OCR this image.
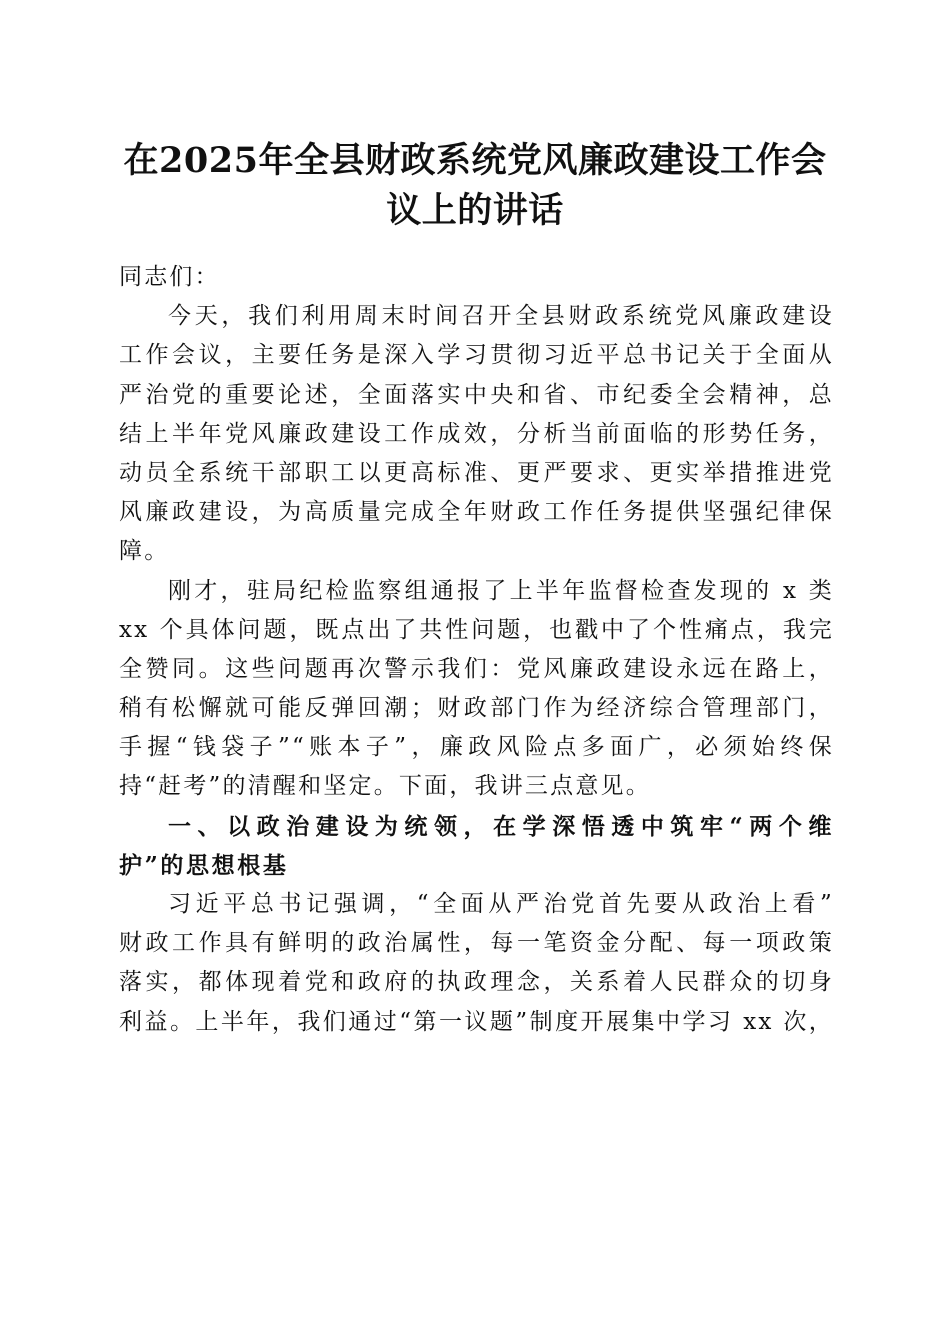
在2025年全县财政系统党风廉政建设工作会
议上的讲话
同志们：
今天，我们利用周末时间召开全县财政系统党风廉政建设
工作会议，主要任务是深入学习贯彻习近平总书记关于全面从
严治党的重要论述，全面落实中央和省、市纪委全会精神，总
结上半年党风廉政建设工作成效，分析当前面临的形势任务，
动员全系统干部职工以更高标准、更严要求、更实举措推进党
风廉政建设，为高质量完成全年财政工作任务提供坚强纪律保
障。
刚才，驻局纪检监察组通报了上半年监督检查发现的 x 类
xx 个具体问题，既点出了共性问题，也戳中了个性痛点，我完
全赞同。这些问题再次警示我们：党风廉政建设永远在路上，
稍有松懈就可能反弹回潮；财政部门作为经济综合管理部门，
手握“钱袋子”“账本子”，廉政风险点多面广，必须始终保
持“赶考”的清醒和坚定。下面，我讲三点意见。
一、以政治建设为统领，在学深悟透中筑牢“两个维
护”的思想根基
习近平总书记强调，“全面从严治党首先要从政治上看”
财政工作具有鲜明的政治属性，每一笔资金分配、每一项政策
落实，都体现着党和政府的执政理念，关系着人民群众的切身
利益。上半年，我们通过“第一议题”制度开展集中学习 xx 次，
